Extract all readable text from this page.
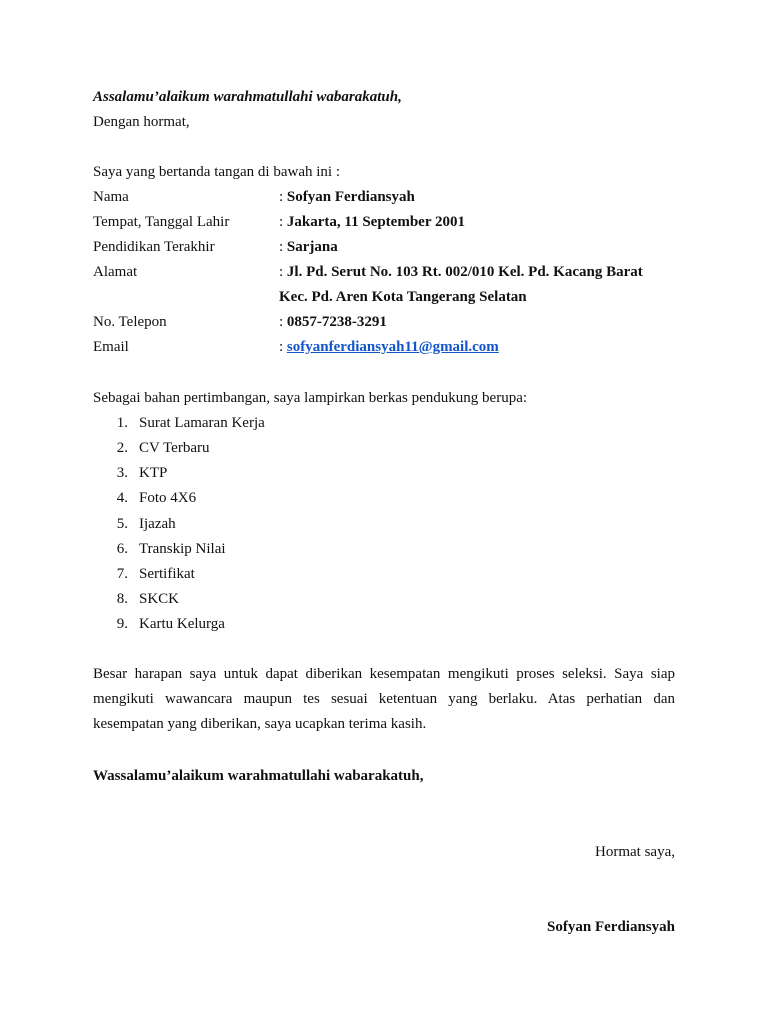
Assalamu’alaikum warahmatullahi wabarakatuh,
Dengan hormat,
Saya yang bertanda tangan di bawah ini :
Nama	: Sofyan Ferdiansyah
Tempat, Tanggal Lahir	: Jakarta, 11 September 2001
Pendidikan Terakhir	: Sarjana
Alamat	: Jl. Pd. Serut No. 103 Rt. 002/010 Kel. Pd. Kacang Barat
Kec. Pd. Aren Kota Tangerang Selatan
No. Telepon	: 0857-7238-3291
Email	: sofyanferdiansyah11@gmail.com
Sebagai bahan pertimbangan, saya lampirkan berkas pendukung berupa:
1. Surat Lamaran Kerja
2. CV Terbaru
3. KTP
4. Foto 4X6
5. Ijazah
6. Transkip Nilai
7. Sertifikat
8. SKCK
9. Kartu Kelurga

Besar harapan saya untuk dapat diberikan kesempatan mengikuti proses seleksi. Saya siap mengikuti wawancara maupun tes sesuai ketentuan yang berlaku. Atas perhatian dan kesempatan yang diberikan, saya ucapkan terima kasih.

Wassalamu’alaikum warahmatullahi wabarakatuh,
Hormat saya,
Sofyan Ferdiansyah
